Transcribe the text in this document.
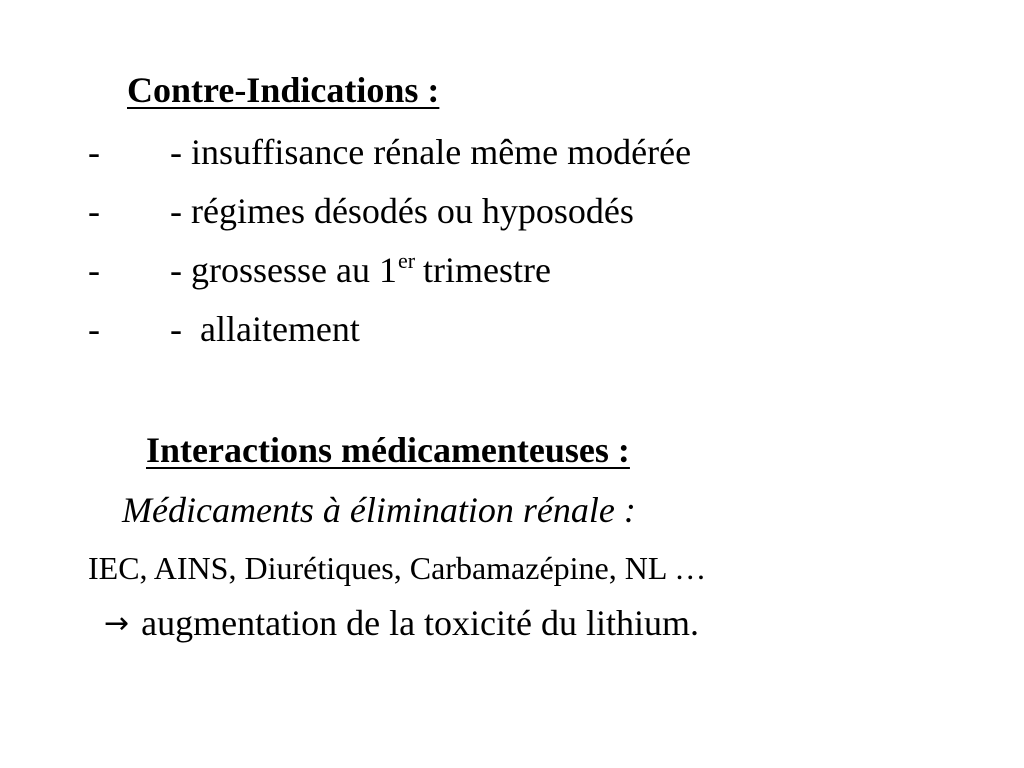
Contre-Indications :
- - insuffisance rénale même modérée
- - régimes désodés ou hyposodés
- - grossesse au 1er trimestre
- -  allaitement
Interactions médicamenteuses :
Médicaments à élimination rénale :
IEC, AINS, Diurétiques, Carbamazépine, NL …
→ augmentation de la toxicité du lithium.
